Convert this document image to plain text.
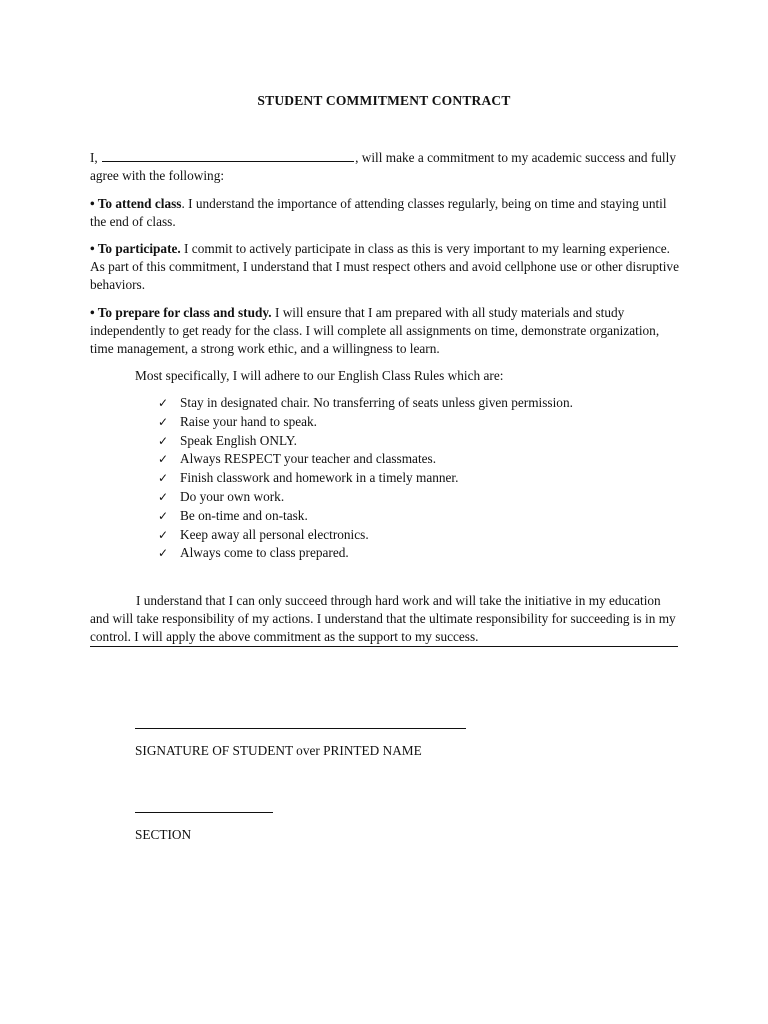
STUDENT COMMITMENT CONTRACT
I,	, will make a commitment to my academic success and fully agree with the following:
• To attend class. I understand the importance of attending classes regularly, being on time and staying until the end of class.
• To participate. I commit to actively participate in class as this is very important to my learning experience. As part of this commitment, I understand that I must respect others and avoid cellphone use or other disruptive behaviors.
• To prepare for class and study. I will ensure that I am prepared with all study materials and study independently to get ready for the class. I will complete all assignments on time, demonstrate organization, time management, a strong work ethic, and a willingness to learn.
Most specifically, I will adhere to our English Class Rules which are:
✓ Stay in designated chair. No transferring of seats unless given permission.
✓ Raise your hand to speak.
✓ Speak English ONLY.
✓ Always RESPECT your teacher and classmates.
✓ Finish classwork and homework in a timely manner.
✓ Do your own work.
✓ Be on-time and on-task.
✓ Keep away all personal electronics.
✓ Always come to class prepared.
I understand that I can only succeed through hard work and will take the initiative in my education and will take responsibility of my actions. I understand that the ultimate responsibility for succeeding is in my control. I will apply the above commitment as the support to my success.
SIGNATURE OF STUDENT over PRINTED NAME
SECTION
